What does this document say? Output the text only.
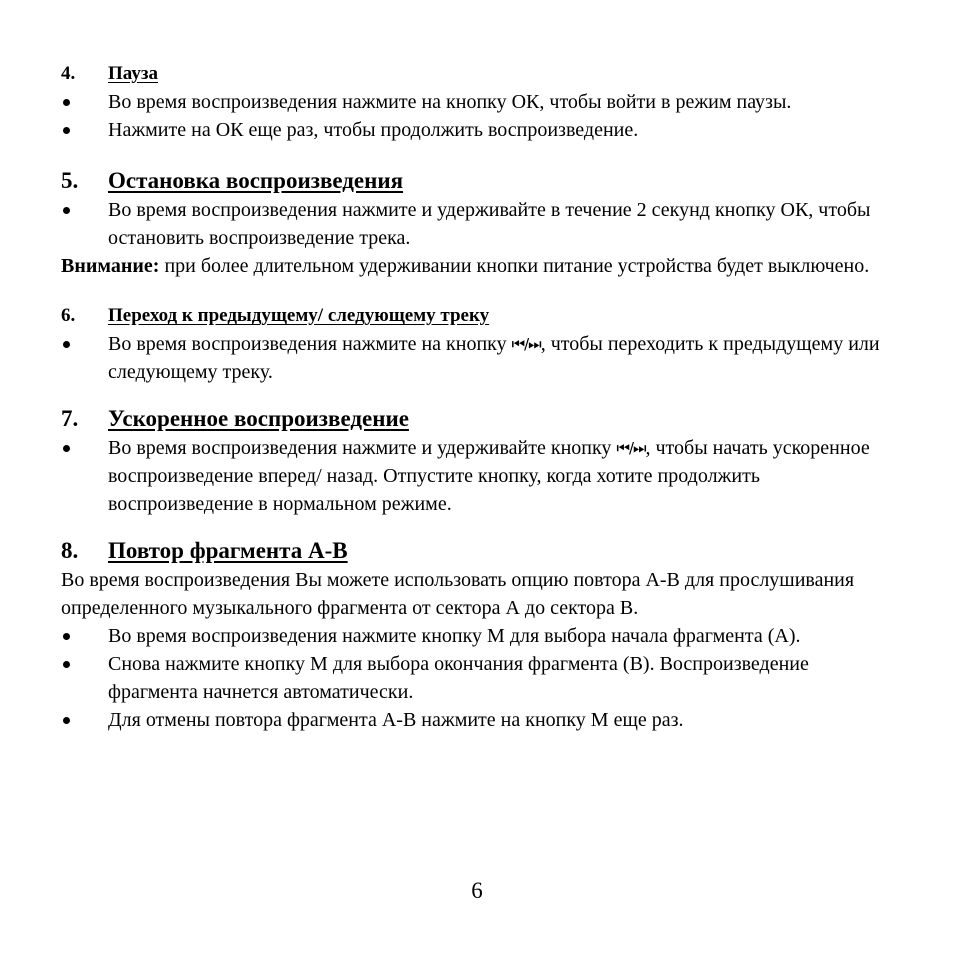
4.	Пауза
Во время воспроизведения нажмите на кнопку ОК, чтобы войти в режим паузы.
Нажмите на ОК еще раз, чтобы продолжить воспроизведение.
5.	Остановка воспроизведения
Во время воспроизведения нажмите и удерживайте в течение 2 секунд кнопку ОК, чтобы остановить воспроизведение трека.

Внимание: при более длительном удерживании кнопки питание устройства будет выключено.

6.	Переход к предыдущему/ следующему треку
Во время воспроизведения нажмите на кнопку ⏮/⏭, чтобы переходить к предыдущему или следующему треку.
7.	Ускоренное воспроизведение
Во время воспроизведения нажмите и удерживайте кнопку ⏮/⏭, чтобы начать ускоренное воспроизведение вперед/ назад. Отпустите кнопку, когда хотите продолжить воспроизведение в нормальном режиме.
8.	Повтор фрагмента А-В

Во время воспроизведения Вы можете использовать опцию повтора А-В для прослушивания определенного музыкального фрагмента от сектора А до сектора В.

Во время воспроизведения нажмите кнопку М для выбора начала фрагмента (А).
Снова нажмите кнопку М для выбора окончания фрагмента (В). Воспроизведение фрагмента начнется автоматически.
Для отмены повтора фрагмента А-В нажмите на кнопку М еще раз.
6
